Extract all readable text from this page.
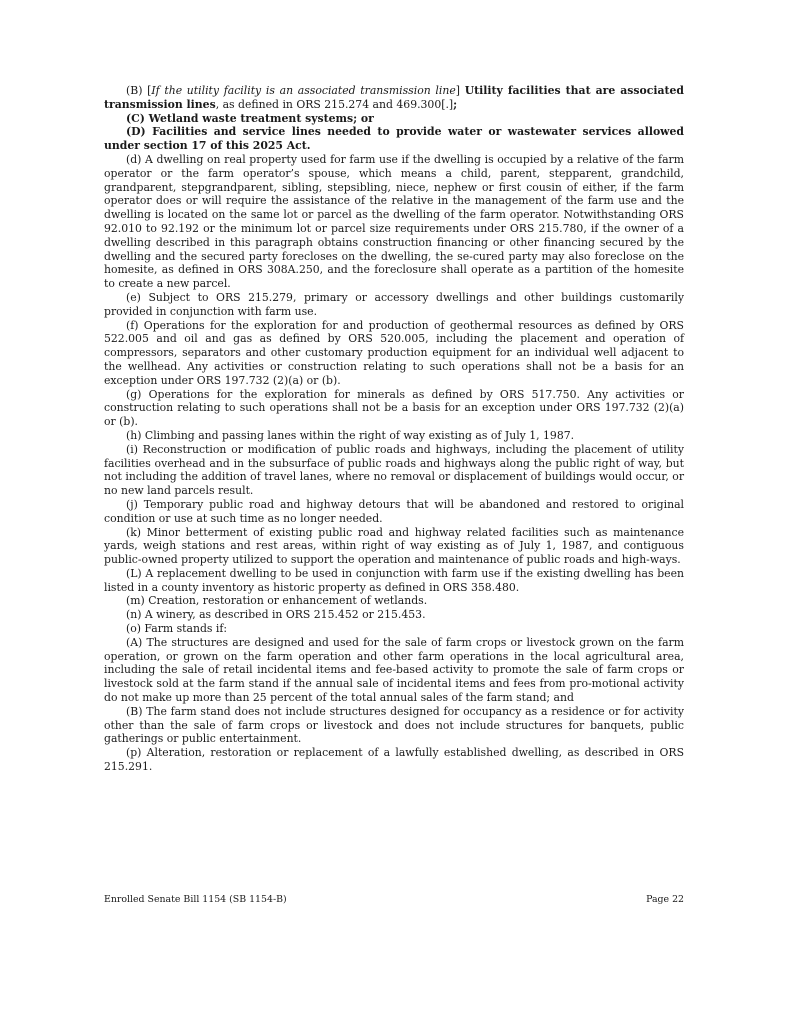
(B) [If the utility facility is an associated transmission line] Utility facilities that are associated transmission lines, as defined in ORS 215.274 and 469.300[.];

(C) Wetland waste treatment systems; or

(D) Facilities and service lines needed to provide water or wastewater services allowed under section 17 of this 2025 Act.

(d) A dwelling on real property used for farm use if the dwelling is occupied by a relative of the farm operator or the farm operator’s spouse, which means a child, parent, stepparent, grandchild, grandparent, stepgrandparent, sibling, stepsibling, niece, nephew or first cousin of either, if the farm operator does or will require the assistance of the relative in the management of the farm use and the dwelling is located on the same lot or parcel as the dwelling of the farm operator. Notwithstanding ORS 92.010 to 92.192 or the minimum lot or parcel size requirements under ORS 215.780, if the owner of a dwelling described in this paragraph obtains construction financing or other financing secured by the dwelling and the secured party forecloses on the dwelling, the se-cured party may also foreclose on the homesite, as defined in ORS 308A.250, and the foreclosure shall operate as a partition of the homesite to create a new parcel.

(e) Subject to ORS 215.279, primary or accessory dwellings and other buildings customarily provided in conjunction with farm use.

(f) Operations for the exploration for and production of geothermal resources as defined by ORS 522.005 and oil and gas as defined by ORS 520.005, including the placement and operation of compressors, separators and other customary production equipment for an individual well adjacent to the wellhead. Any activities or construction relating to such operations shall not be a basis for an exception under ORS 197.732 (2)(a) or (b).

(g) Operations for the exploration for minerals as defined by ORS 517.750. Any activities or construction relating to such operations shall not be a basis for an exception under ORS 197.732 (2)(a) or (b).

(h) Climbing and passing lanes within the right of way existing as of July 1, 1987.

(i) Reconstruction or modification of public roads and highways, including the placement of utility facilities overhead and in the subsurface of public roads and highways along the public right of way, but not including the addition of travel lanes, where no removal or displacement of buildings would occur, or no new land parcels result.

(j) Temporary public road and highway detours that will be abandoned and restored to original condition or use at such time as no longer needed.

(k) Minor betterment of existing public road and highway related facilities such as maintenance yards, weigh stations and rest areas, within right of way existing as of July 1, 1987, and contiguous public-owned property utilized to support the operation and maintenance of public roads and high-ways.

(L) A replacement dwelling to be used in conjunction with farm use if the existing dwelling has been listed in a county inventory as historic property as defined in ORS 358.480.

(m) Creation, restoration or enhancement of wetlands.

(n) A winery, as described in ORS 215.452 or 215.453.

(o) Farm stands if:

(A) The structures are designed and used for the sale of farm crops or livestock grown on the farm operation, or grown on the farm operation and other farm operations in the local agricultural area, including the sale of retail incidental items and fee-based activity to promote the sale of farm crops or livestock sold at the farm stand if the annual sale of incidental items and fees from pro-motional activity do not make up more than 25 percent of the total annual sales of the farm stand; and

(B) The farm stand does not include structures designed for occupancy as a residence or for activity other than the sale of farm crops or livestock and does not include structures for banquets, public gatherings or public entertainment.

(p) Alteration, restoration or replacement of a lawfully established dwelling, as described in ORS 215.291.

Enrolled Senate Bill 1154 (SB 1154-B)	Page 22
